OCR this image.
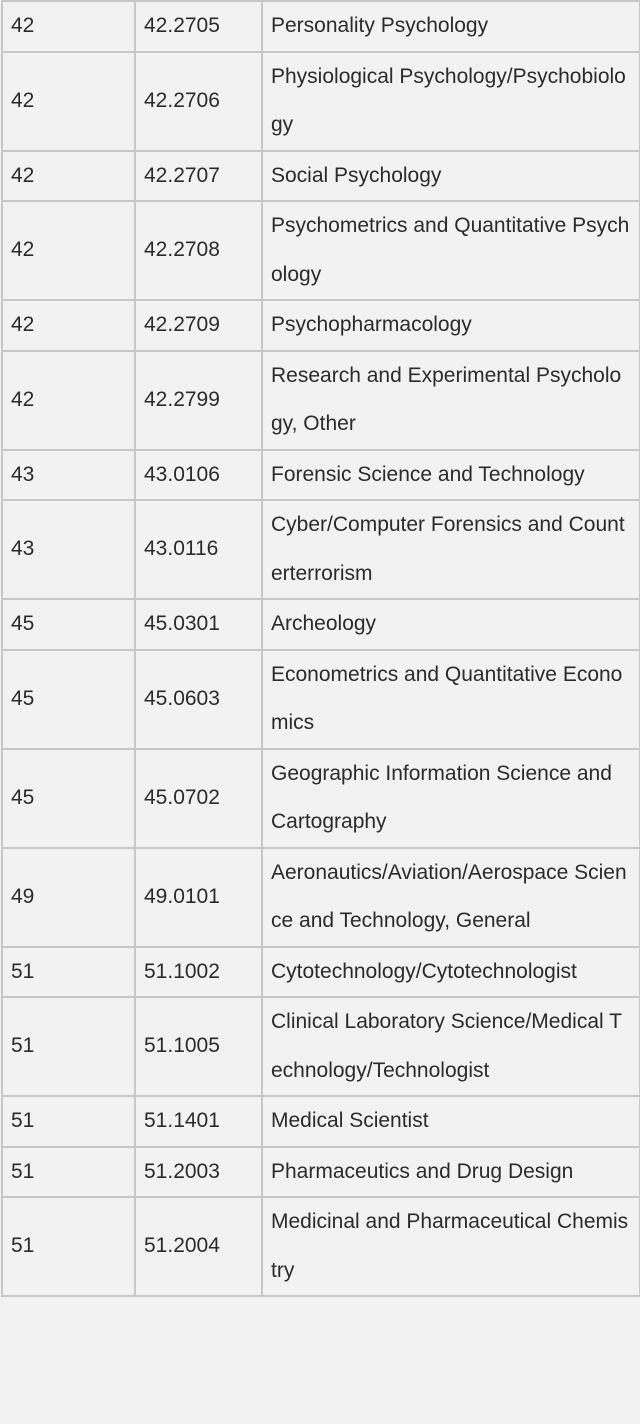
42	42.2705	Personality Psychology
42	42.2706	Physiological Psychology/Psychobiology
42	42.2707	Social Psychology
42	42.2708	Psychometrics and Quantitative Psychology
42	42.2709	Psychopharmacology
42	42.2799	Research and Experimental Psychology, Other
43	43.0106	Forensic Science and Technology
43	43.0116	Cyber/Computer Forensics and Counterterrorism
45	45.0301	Archeology
45	45.0603	Econometrics and Quantitative Economics
45	45.0702	Geographic Information Science and Cartography
49	49.0101	Aeronautics/Aviation/Aerospace Science and Technology, General
51	51.1002	Cytotechnology/Cytotechnologist
51	51.1005	Clinical Laboratory Science/Medical Technology/Technologist
51	51.1401	Medical Scientist
51	51.2003	Pharmaceutics and Drug Design
51	51.2004	Medicinal and Pharmaceutical Chemistry
